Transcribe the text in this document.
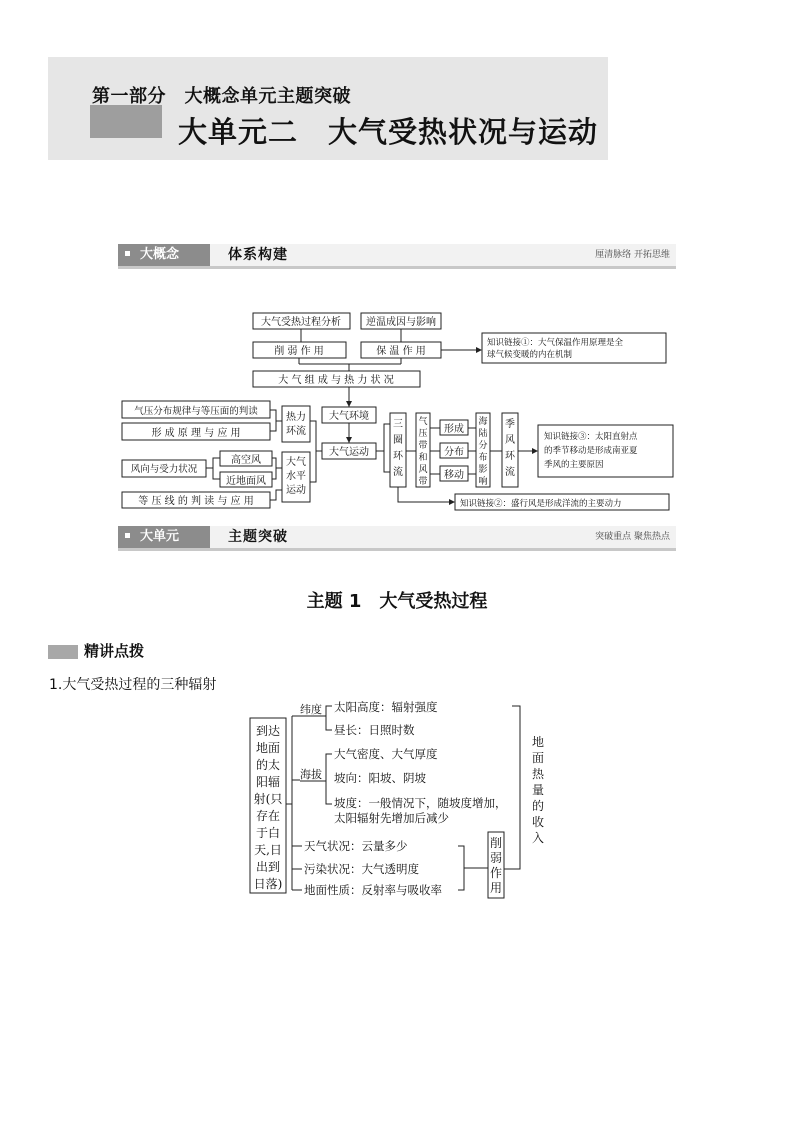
第一部分　大概念单元主题突破
大单元二　大气受热状况与运动
大概念	体系构建	厘清脉络 开拓思维
大气受热过程分析	逆温成因与影响
削 弱 作 用	保 温 作 用
知识链接①：大气保温作用原理是全
球气候变暖的内在机制
大 气 组 成 与 热 力 状 况
气压分布规律与等压面的判读
形 成 原 理 与 应 用
热力
环流
大气环境
大气运动
高空风
近地面风
风向与受力状况
大气
水平
运动
等 压 线 的 判 读 与 应 用
三
圈
环
流
气
压
带
和
风
带
形成
分布
移动
海
陆
分
布
影
响
季
风
环
流
知识链接③：太阳直射点
的季节移动是形成南亚夏
季风的主要原因
知识链接②：盛行风是形成洋流的主要动力
大单元	主题突破	突破重点 聚焦热点
主题 1　大气受热过程
精讲点拨
1.大气受热过程的三种辐射
到达
地面
的太
阳辐
射(只
存在
于白
天,日
出到
日落)
纬度 太阳高度：辐射强度
昼长：日照时数
海拔
大气密度、大气厚度
坡向：阳坡、阴坡
坡度：一般情况下，随坡度增加，
太阳辐射先增加后减少
天气状况：云量多少
污染状况：大气透明度
地面性质：反射率与吸收率
削
弱
作
用
地
面
热
量
的
收
入
